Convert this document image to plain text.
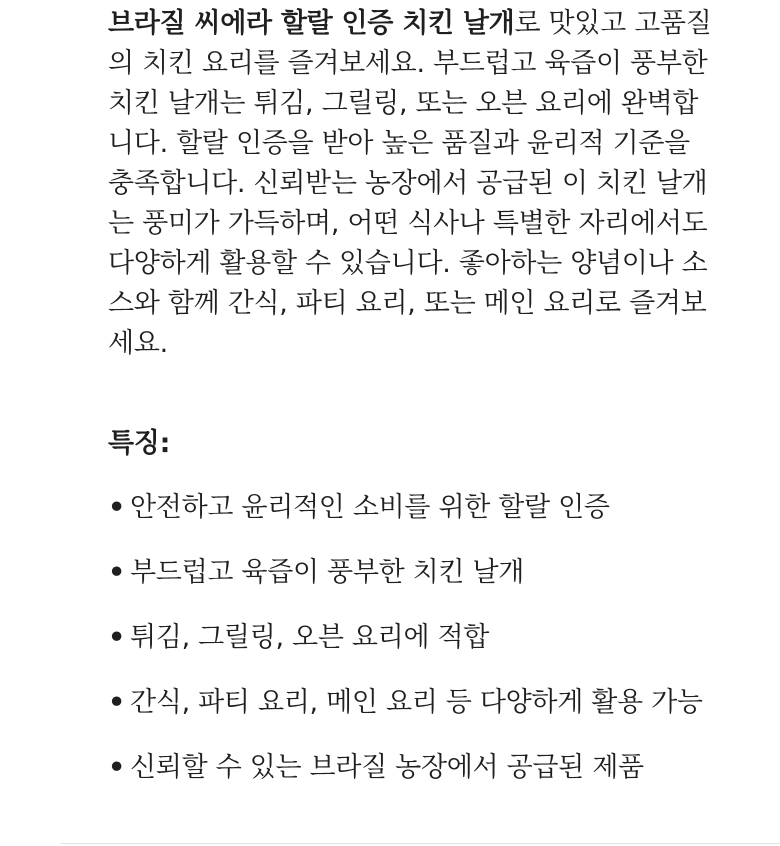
브라질 씨에라 할랄 인증 치킨 날개로 맛있고 고품질
의 치킨 요리를 즐겨보세요. 부드럽고 육즙이 풍부한
치킨 날개는 튀김, 그릴링, 또는 오븐 요리에 완벽합
니다. 할랄 인증을 받아 높은 품질과 윤리적 기준을
충족합니다. 신뢰받는 농장에서 공급된 이 치킨 날개
는 풍미가 가득하며, 어떤 식사나 특별한 자리에서도
다양하게 활용할 수 있습니다. 좋아하는 양념이나 소
스와 함께 간식, 파티 요리, 또는 메인 요리로 즐겨보
세요.

특징:
• 안전하고 윤리적인 소비를 위한 할랄 인증
• 부드럽고 육즙이 풍부한 치킨 날개
• 튀김, 그릴링, 오븐 요리에 적합
• 간식, 파티 요리, 메인 요리 등 다양하게 활용 가능
• 신뢰할 수 있는 브라질 농장에서 공급된 제품
